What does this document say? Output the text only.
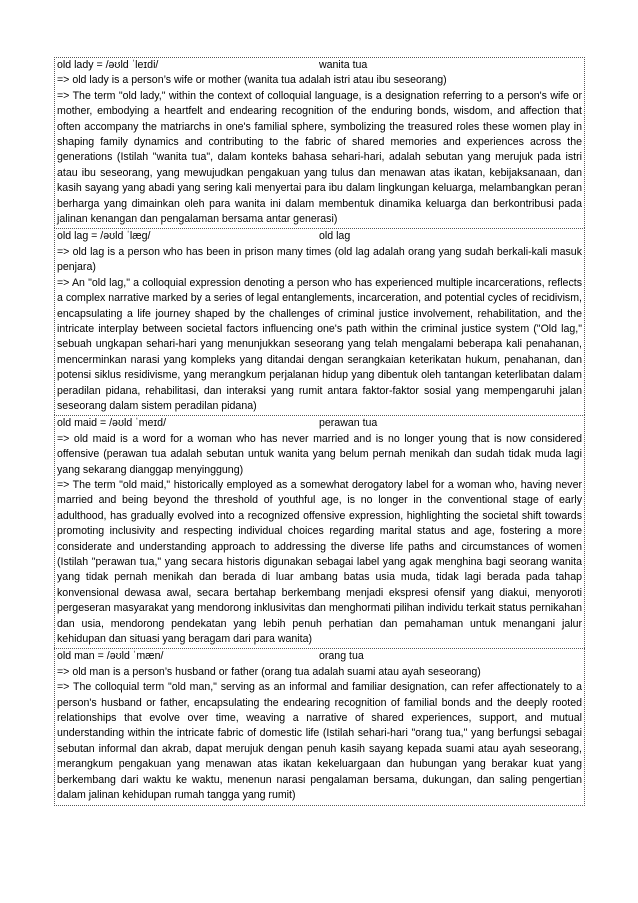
old lady = /əʊld ˈleɪdi/	wanita tua
=> old lady is a person’s wife or mother (wanita tua adalah istri atau ibu seseorang)
=> The term "old lady," within the context of colloquial language, is a designation referring to a person's wife or mother, embodying a heartfelt and endearing recognition of the enduring bonds, wisdom, and affection that often accompany the matriarchs in one's familial sphere, symbolizing the treasured roles these women play in shaping family dynamics and contributing to the fabric of shared memories and experiences across the generations (Istilah "wanita tua", dalam konteks bahasa sehari-hari, adalah sebutan yang merujuk pada istri atau ibu seseorang, yang mewujudkan pengakuan yang tulus dan menawan atas ikatan, kebijaksanaan, dan kasih sayang yang abadi yang sering kali menyertai para ibu dalam lingkungan keluarga, melambangkan peran berharga yang dimainkan oleh para wanita ini dalam membentuk dinamika keluarga dan berkontribusi pada jalinan kenangan dan pengalaman bersama antar generasi)
old lag = /əʊld ˈlæɡ/	old lag
=> old lag is a person who has been in prison many times (old lag adalah orang yang sudah berkali-kali masuk penjara)
=> An "old lag," a colloquial expression denoting a person who has experienced multiple incarcerations, reflects a complex narrative marked by a series of legal entanglements, incarceration, and potential cycles of recidivism, encapsulating a life journey shaped by the challenges of criminal justice involvement, rehabilitation, and the intricate interplay between societal factors influencing one's path within the criminal justice system ("Old lag," sebuah ungkapan sehari-hari yang menunjukkan seseorang yang telah mengalami beberapa kali penahanan, mencerminkan narasi yang kompleks yang ditandai dengan serangkaian keterikatan hukum, penahanan, dan potensi siklus residivisme, yang merangkum perjalanan hidup yang dibentuk oleh tantangan keterlibatan dalam peradilan pidana, rehabilitasi, dan interaksi yang rumit antara faktor-faktor sosial yang mempengaruhi jalan seseorang dalam sistem peradilan pidana)
old maid = /əʊld ˈmeɪd/	perawan tua
=> old maid is a word for a woman who has never married and is no longer young that is now considered offensive (perawan tua adalah sebutan untuk wanita yang belum pernah menikah dan sudah tidak muda lagi yang sekarang dianggap menyinggung)
=> The term "old maid," historically employed as a somewhat derogatory label for a woman who, having never married and being beyond the threshold of youthful age, is no longer in the conventional stage of early adulthood, has gradually evolved into a recognized offensive expression, highlighting the societal shift towards promoting inclusivity and respecting individual choices regarding marital status and age, fostering a more considerate and understanding approach to addressing the diverse life paths and circumstances of women (Istilah "perawan tua," yang secara historis digunakan sebagai label yang agak menghina bagi seorang wanita yang tidak pernah menikah dan berada di luar ambang batas usia muda, tidak lagi berada pada tahap konvensional dewasa awal, secara bertahap berkembang menjadi ekspresi ofensif yang diakui, menyoroti pergeseran masyarakat yang mendorong inklusivitas dan menghormati pilihan individu terkait status pernikahan dan usia, mendorong pendekatan yang lebih penuh perhatian dan pemahaman untuk menangani jalur kehidupan dan situasi yang beragam dari para wanita)
old man = /əʊld ˈmæn/	orang tua
=> old man is a person’s husband or father (orang tua adalah suami atau ayah seseorang)
=> The colloquial term "old man," serving as an informal and familiar designation, can refer affectionately to a person's husband or father, encapsulating the endearing recognition of familial bonds and the deeply rooted relationships that evolve over time, weaving a narrative of shared experiences, support, and mutual understanding within the intricate fabric of domestic life (Istilah sehari-hari "orang tua," yang berfungsi sebagai sebutan informal dan akrab, dapat merujuk dengan penuh kasih sayang kepada suami atau ayah seseorang, merangkum pengakuan yang menawan atas ikatan kekeluargaan dan hubungan yang berakar kuat yang berkembang dari waktu ke waktu, menenun narasi pengalaman bersama, dukungan, dan saling pengertian dalam jalinan kehidupan rumah tangga yang rumit)
